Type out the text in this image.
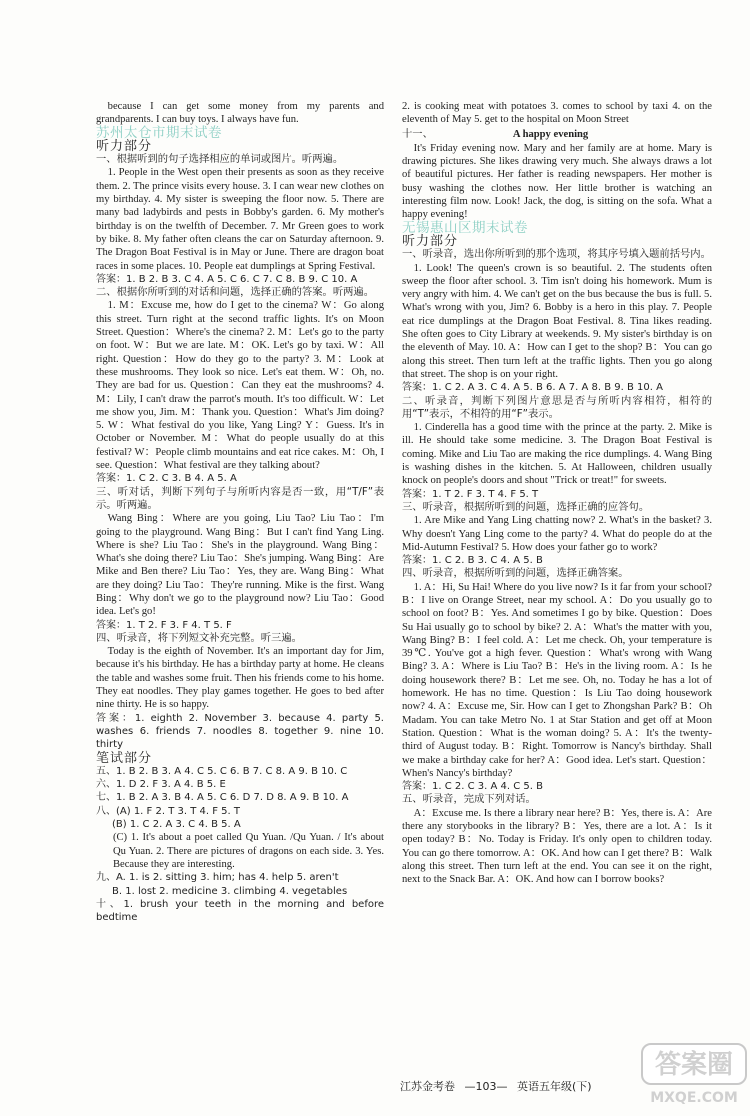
because I can get some money from my parents and grandparents. I can buy toys. I always have fun.

苏州太仓市期末试卷

听力部分

一、根据听到的句子选择相应的单词或图片。听两遍。

1. People in the West open their presents as soon as they receive them. 2. The prince visits every house. 3. I can wear new clothes on my birthday. 4. My sister is sweeping the floor now. 5. There are many bad ladybirds and pests in Bobby's garden. 6. My mother's birthday is on the twelfth of December. 7. Mr Green goes to work by bike. 8. My father often cleans the car on Saturday afternoon. 9. The Dragon Boat Festival is in May or June. There are dragon boat races in some places. 10. People eat dumplings at Spring Festival.

答案：1. B 2. B 3. C 4. A 5. C 6. C 7. C 8. B 9. C 10. A

二、根据你所听到的对话和问题，选择正确的答案。听两遍。

1. M：Excuse me, how do I get to the cinema? W：Go along this street. Turn right at the second traffic lights. It's on Moon Street. Question：Where's the cinema? 2. M：Let's go to the party on foot. W：But we are late. M：OK. Let's go by taxi. W：All right. Question：How do they go to the party? 3. M：Look at these mushrooms. They look so nice. Let's eat them. W：Oh, no. They are bad for us. Question：Can they eat the mushrooms? 4. M：Lily, I can't draw the parrot's mouth. It's too difficult. W：Let me show you, Jim. M：Thank you. Question：What's Jim doing? 5. W：What festival do you like, Yang Ling? Y：Guess. It's in October or November. M：What do people usually do at this festival? W：People climb mountains and eat rice cakes. M：Oh, I see. Question：What festival are they talking about?

答案：1. C 2. C 3. B 4. A 5. A

三、听对话，判断下列句子与所听内容是否一致，用“T/F”表示。听两遍。

Wang Bing：Where are you going, Liu Tao? Liu Tao：I'm going to the playground. Wang Bing：But I can't find Yang Ling. Where is she? Liu Tao：She's in the playground. Wang Bing：What's she doing there? Liu Tao：She's jumping. Wang Bing：Are Mike and Ben there? Liu Tao：Yes, they are. Wang Bing：What are they doing? Liu Tao：They're running. Mike is the first. Wang Bing：Why don't we go to the playground now? Liu Tao：Good idea. Let's go!

答案：1. T 2. F 3. F 4. T 5. F

四、听录音，将下列短文补充完整。听三遍。

Today is the eighth of November. It's an important day for Jim, because it's his birthday. He has a birthday party at home. He cleans the table and washes some fruit. Then his friends come to his home. They eat noodles. They play games together. He goes to bed after nine thirty. He is so happy.

答案：1. eighth 2. November 3. because 4. party 5. washes 6. friends 7. noodles 8. together 9. nine 10. thirty

笔试部分

五、1. B 2. B 3. A 4. C 5. C 6. B 7. C 8. A 9. B 10. C

六、1. D 2. F 3. A 4. B 5. E

七、1. B 2. A 3. B 4. A 5. C 6. D 7. D 8. A 9. B 10. A

八、(A) 1. F 2. T 3. T 4. F 5. T

(B) 1. C 2. A 3. C 4. B 5. A

(C) 1. It's about a poet called Qu Yuan. /Qu Yuan. / It's about Qu Yuan. 2. There are pictures of dragons on each side. 3. Yes. Because they are interesting.

九、A. 1. is 2. sitting 3. him; has 4. help 5. aren't

B. 1. lost 2. medicine 3. climbing 4. vegetables

十、1. brush your teeth in the morning and before bedtime

2. is cooking meat with potatoes 3. comes to school by taxi 4. on the eleventh of May 5. get to the hospital on Moon Street

十一、	A happy evening

It's Friday evening now. Mary and her family are at home. Mary is drawing pictures. She likes drawing very much. She always draws a lot of beautiful pictures. Her father is reading newspapers. Her mother is busy washing the clothes now. Her little brother is watching an interesting film now. Look! Jack, the dog, is sitting on the sofa. What a happy evening!

无锡惠山区期末试卷

听力部分

一、听录音，选出你所听到的那个选项，将其序号填入题前括号内。

1. Look! The queen's crown is so beautiful. 2. The students often sweep the floor after school. 3. Tim isn't doing his homework. Mum is very angry with him. 4. We can't get on the bus because the bus is full. 5. What's wrong with you, Jim? 6. Bobby is a hero in this play. 7. People eat rice dumplings at the Dragon Boat Festival. 8. Tina likes reading. She often goes to City Library at weekends. 9. My sister's birthday is on the eleventh of May. 10. A：How can I get to the shop? B：You can go along this street. Then turn left at the traffic lights. Then you go along that street. The shop is on your right.

答案：1. C 2. A 3. C 4. A 5. B 6. A 7. A 8. B 9. B 10. A

二、听录音，判断下列图片意思是否与所听内容相符，相符的用“T”表示，不相符的用“F”表示。

1. Cinderella has a good time with the prince at the party. 2. Mike is ill. He should take some medicine. 3. The Dragon Boat Festival is coming. Mike and Liu Tao are making the rice dumplings. 4. Wang Bing is washing dishes in the kitchen. 5. At Halloween, children usually knock on people's doors and shout "Trick or treat!" for sweets.

答案：1. T 2. F 3. T 4. F 5. T

三、听录音，根据所听到的问题，选择正确的应答句。

1. Are Mike and Yang Ling chatting now? 2. What's in the basket? 3. Why doesn't Yang Ling come to the party? 4. What do people do at the Mid-Autumn Festival? 5. How does your father go to work?

答案：1. C 2. B 3. C 4. A 5. B

四、听录音，根据所听到的问题，选择正确答案。

1. A：Hi, Su Hai! Where do you live now? Is it far from your school? B：I live on Orange Street, near my school. A：Do you usually go to school on foot? B：Yes. And sometimes I go by bike. Question：Does Su Hai usually go to school by bike? 2. A：What's the matter with you, Wang Bing? B：I feel cold. A：Let me check. Oh, your temperature is 39℃. You've got a high fever. Question：What's wrong with Wang Bing? 3. A：Where is Liu Tao? B：He's in the living room. A：Is he doing housework there? B：Let me see. Oh, no. Today he has a lot of homework. He has no time. Question：Is Liu Tao doing housework now? 4. A：Excuse me, Sir. How can I get to Zhongshan Park? B：Oh Madam. You can take Metro No. 1 at Star Station and get off at Moon Station. Question：What is the woman doing? 5. A：It's the twenty-third of August today. B：Right. Tomorrow is Nancy's birthday. Shall we make a birthday cake for her? A：Good idea. Let's start. Question：When's Nancy's birthday?

答案：1. C 2. C 3. A 4. C 5. B

五、听录音，完成下列对话。

A：Excuse me. Is there a library near here? B：Yes, there is. A：Are there any storybooks in the library? B：Yes, there are a lot. A：Is it open today? B：No. Today is Friday. It's only open to children today. You can go there tomorrow. A：OK. And how can I get there? B：Walk along this street. Then turn left at the end. You can see it on the right, next to the Snack Bar. A：OK. And how can I borrow books?

江苏金考卷 —103— 英语五年级(下)
答案圈
MXQE.COM
